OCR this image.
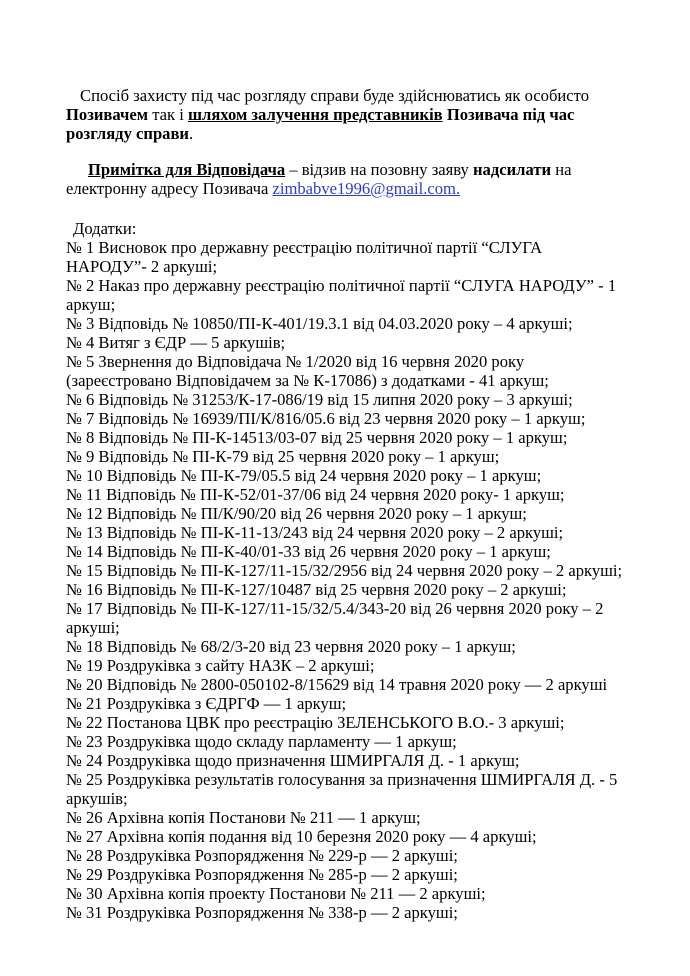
Спосіб захисту під час розгляду справи буде здійснюватись як особисто Позивачем так і шляхом залучення представників Позивача під час розгляду справи.
Примітка для Відповідача – відзив на позовну заяву надсилати на електронну адресу Позивача zimbabve1996@gmail.com.
Додатки:
№ 1 Висновок про державну реєстрацію політичної партії “СЛУГА НАРОДУ”- 2 аркуші;
№ 2 Наказ про державну реєстрацію політичної партії “СЛУГА НАРОДУ” - 1 аркуш;
№ 3 Відповідь № 10850/ПІ-К-401/19.3.1 від 04.03.2020 року – 4 аркуші;
№ 4 Витяг з ЄДР — 5 аркушів;
№ 5 Звернення до Відповідача № 1/2020 від 16 червня 2020 року (зареєстровано Відповідачем за № К-17086) з додатками - 41 аркуш;
№ 6 Відповідь № 31253/К-17-086/19 від 15 липня 2020 року – 3 аркуші;
№ 7 Відповідь № 16939/ПІ/К/816/05.6 від 23 червня 2020 року – 1 аркуш;
№ 8 Відповідь № ПІ-К-14513/03-07 від 25 червня 2020 року – 1 аркуш;
№ 9 Відповідь № ПІ-К-79 від 25 червня 2020 року – 1 аркуш;
№ 10 Відповідь № ПІ-К-79/05.5 від 24 червня 2020 року – 1 аркуш;
№ 11 Відповідь № ПІ-К-52/01-37/06 від 24 червня 2020 року- 1 аркуш;
№ 12 Відповідь № ПІ/К/90/20 від 26 червня 2020 року – 1 аркуш;
№ 13 Відповідь № ПІ-К-11-13/243 від 24 червня 2020 року – 2 аркуші;
№ 14 Відповідь № ПІ-К-40/01-33 від 26 червня 2020 року – 1 аркуш;
№ 15 Відповідь № ПІ-К-127/11-15/32/2956 від 24 червня 2020 року – 2 аркуші;
№ 16 Відповідь № ПІ-К-127/10487 від 25 червня 2020 року – 2 аркуші;
№ 17 Відповідь № ПІ-К-127/11-15/32/5.4/343-20 від 26 червня 2020 року – 2 аркуші;
№ 18 Відповідь № 68/2/3-20 від 23 червня 2020 року – 1 аркуш;
№ 19 Роздруківка з сайту НАЗК – 2 аркуші;
№ 20 Відповідь № 2800-050102-8/15629 від 14 травня 2020 року — 2 аркуші
№ 21 Роздруківка з ЄДРГФ — 1 аркуш;
№ 22 Постанова ЦВК про реєстрацію ЗЕЛЕНСЬКОГО В.О.- 3 аркуші;
№ 23 Роздруківка щодо складу парламенту — 1 аркуш;
№ 24 Роздруківка щодо призначення ШМИРГАЛЯ Д. - 1 аркуш;
№ 25 Роздруківка результатів голосування за призначення ШМИРГАЛЯ Д. - 5 аркушів;
№ 26 Архівна копія Постанови № 211 — 1 аркуш;
№ 27 Архівна копія подання від 10 березня 2020 року — 4 аркуші;
№ 28 Роздруківка Розпорядження № 229-р — 2 аркуші;
№ 29 Роздруківка Розпорядження № 285-р — 2 аркуші;
№ 30 Архівна копія проекту Постанови № 211 — 2 аркуші;
№ 31 Роздруківка Розпорядження № 338-р — 2 аркуші;
